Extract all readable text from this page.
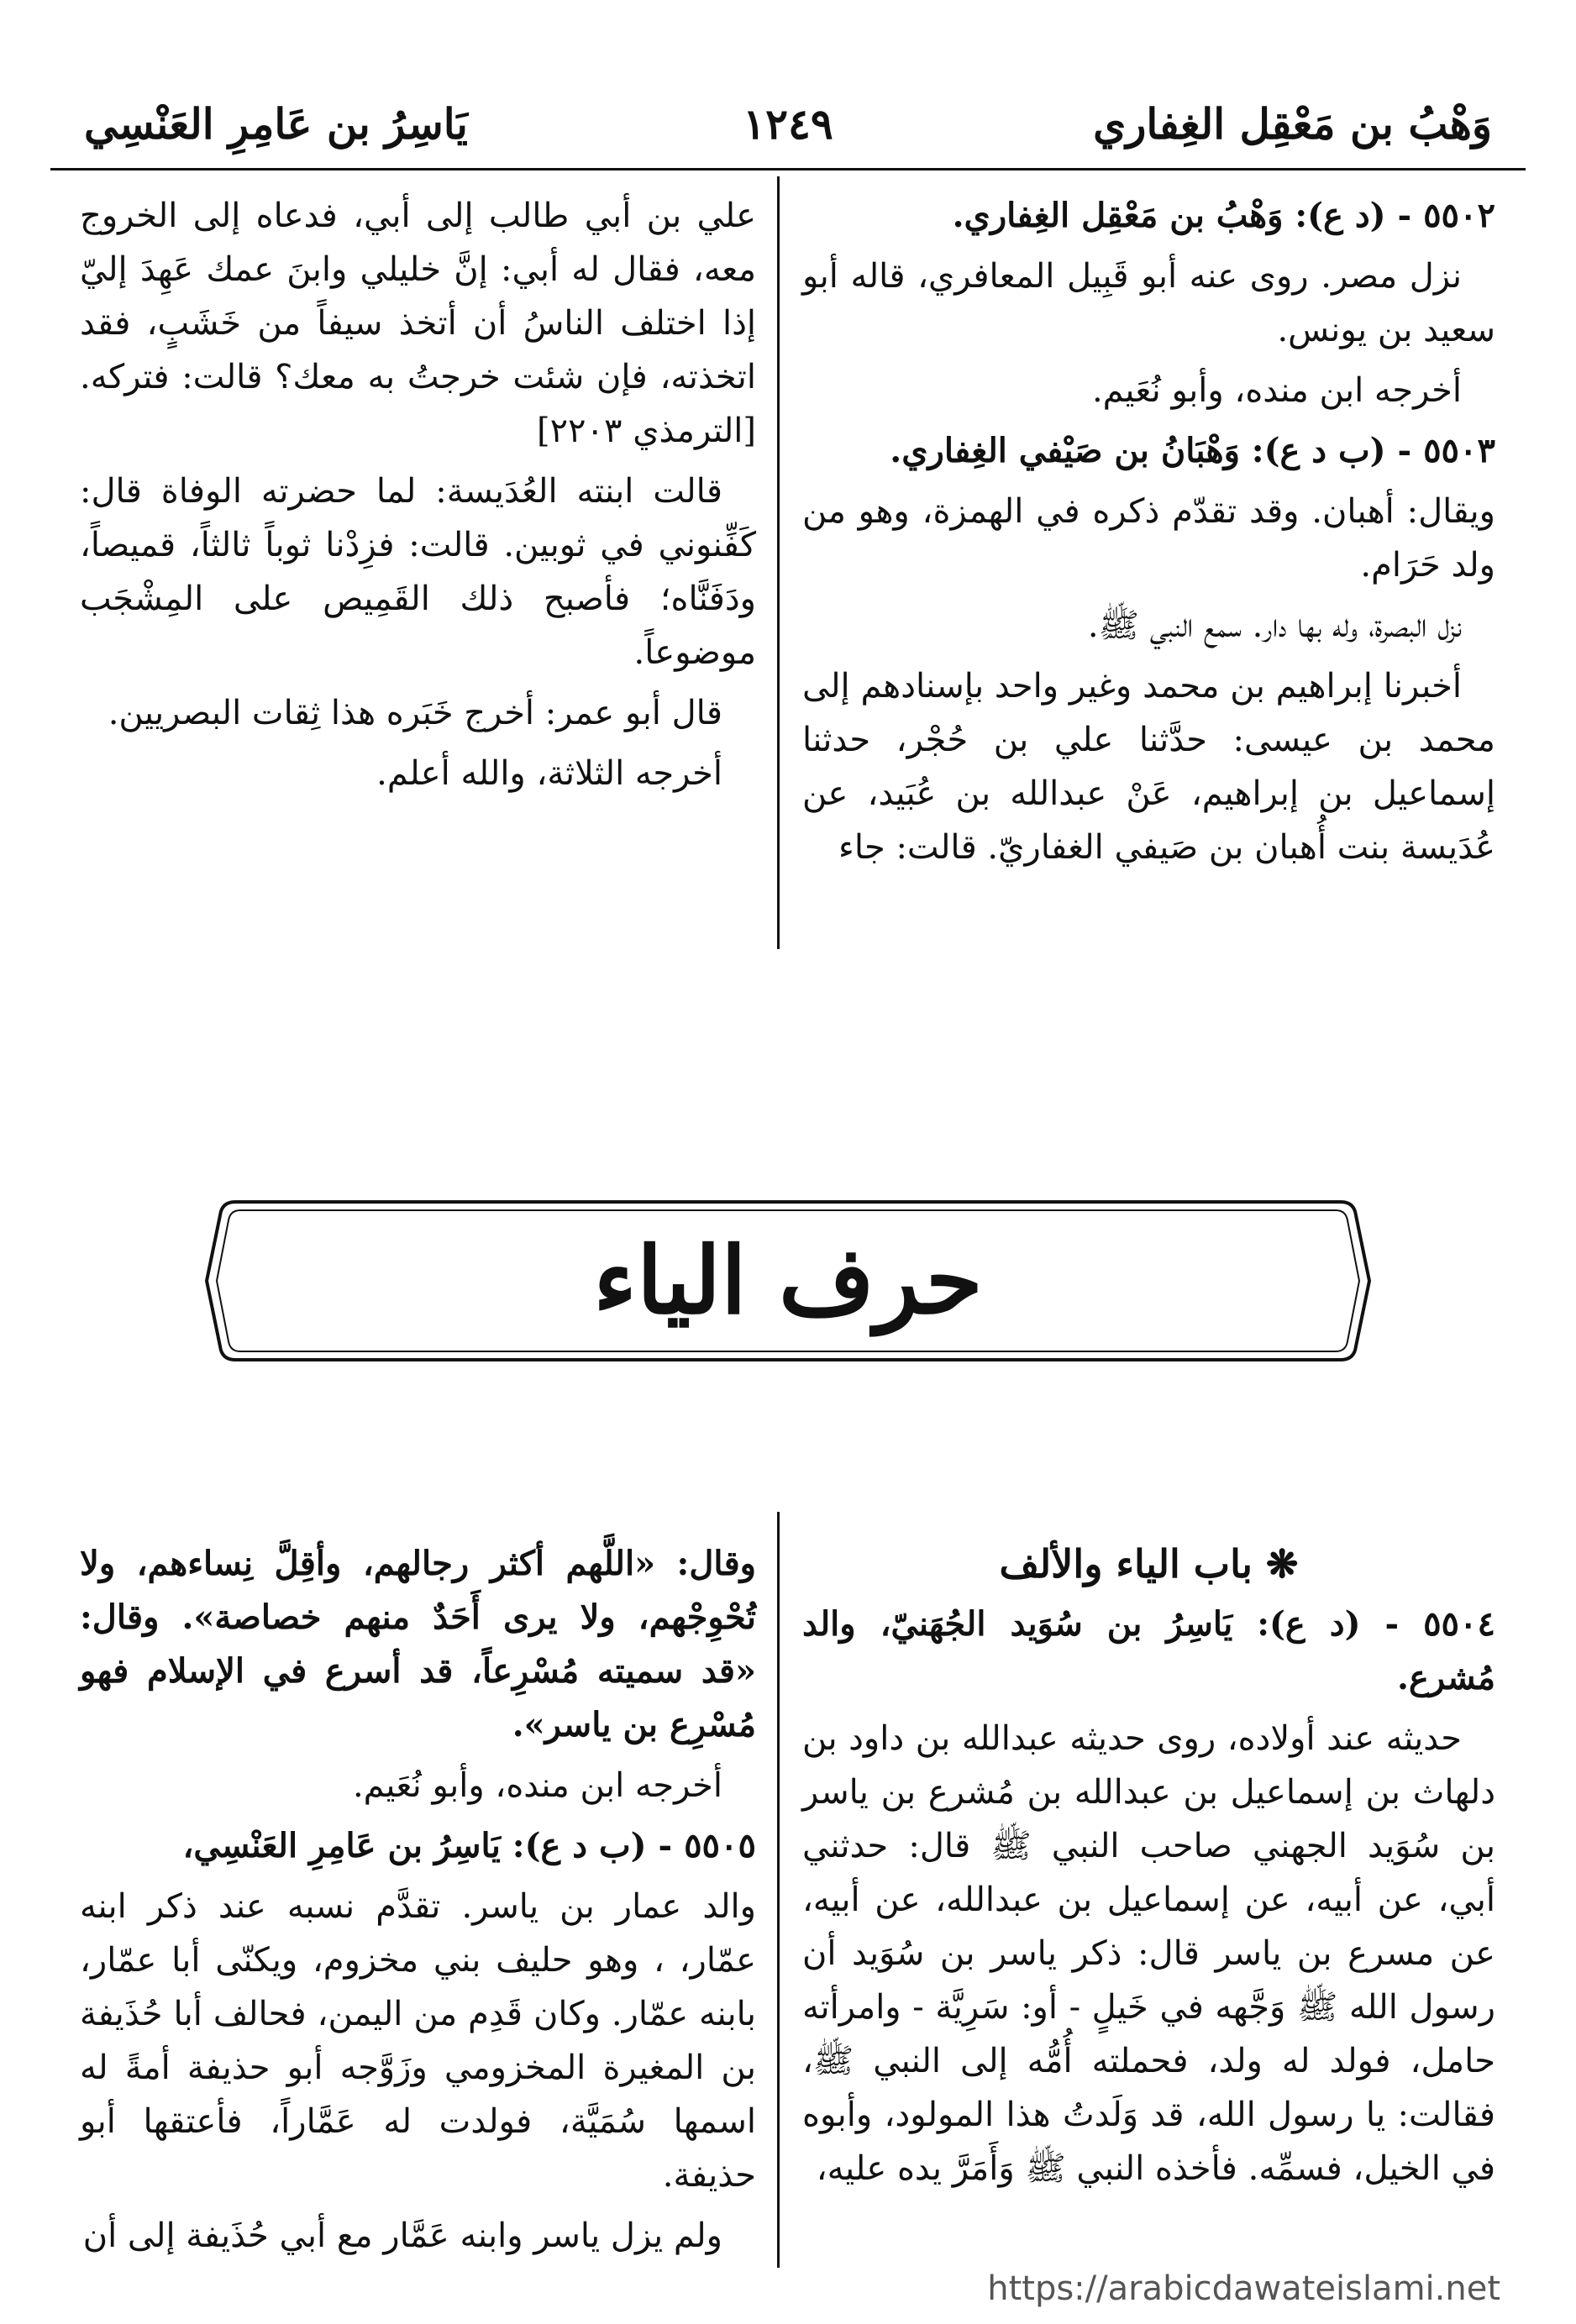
وَهْبُ بن مَعْقِل الغِفاري
١٢٤٩
يَاسِرُ بن عَامِرِ العَنْسِي

٥٥٠٢ - (د ع): وَهْبُ بن مَعْقِل الغِفاري.

نزل مصر. روى عنه أبو قَبِيل المعافري، قاله أبو سعيد بن يونس.

أخرجه ابن منده، وأبو نُعَيم.

٥٥٠٣ - (ب د ع): وَهْبَانُ بن صَيْفي الغِفاري.

ويقال: أهبان. وقد تقدّم ذكره في الهمزة، وهو من ولد حَرَام.

نزل البصرة، وله بها دار. سمع النبي ﷺ.

أخبرنا إبراهيم بن محمد وغير واحد بإسنادهم إلى محمد بن عيسى: حدَّثنا علي بن حُجْر، حدثنا إسماعيل بن إبراهيم، عَنْ عبدالله بن عُبَيد، عن عُدَيسة بنت أُهبان بن صَيفي الغفاريّ. قالت: جاء

علي بن أبي طالب إلى أبي، فدعاه إلى الخروج معه، فقال له أبي: إنَّ خليلي وابنَ عمك عَهِدَ إليّ إذا اختلف الناسُ أن أتخذ سيفاً من خَشَبٍ، فقد اتخذته، فإن شئت خرجتُ به معك؟ قالت: فتركه. [الترمذي ٢٢٠٣]

قالت ابنته العُدَيسة: لما حضرته الوفاة قال: كَفِّنوني في ثوبين. قالت: فزِدْنا ثوباً ثالثاً، قميصاً، ودَفَنَّاه؛ فأصبح ذلك القَمِيص على المِشْجَب موضوعاً.

قال أبو عمر: أخرج خَبَره هذا ثِقات البصريين.

أخرجه الثلاثة، والله أعلم.

حرف الياء
❋ باب الياء والألف

٥٥٠٤ - (د ع): يَاسِرُ بن سُوَيد الجُهَنيّ، والد مُشرع.

حديثه عند أولاده، روى حديثه عبدالله بن داود بن دلهاث بن إسماعيل بن عبدالله بن مُشرع بن ياسر بن سُوَيد الجهني صاحب النبي ﷺ قال: حدثني أبي، عن أبيه، عن إسماعيل بن عبدالله، عن أبيه، عن مسرع بن ياسر قال: ذكر ياسر بن سُوَيد أن رسول الله ﷺ وَجَّهه في خَيلٍ - أو: سَرِيَّة - وامرأته حامل، فولد له ولد، فحملته أُمُّه إلى النبي ﷺ، فقالت: يا رسول الله، قد وَلَدتُ هذا المولود، وأبوه في الخيل، فسمِّه. فأخذه النبي ﷺ وَأَمَرَّ يده عليه،

وقال: «اللَّهم أكثر رجالهم، وأقِلَّ نِساءهم، ولا تُحْوِجْهم، ولا يرى أَحَدٌ منهم خصاصة». وقال: «قد سميته مُسْرِعاً، قد أسرع في الإسلام فهو مُسْرِع بن ياسر».

أخرجه ابن منده، وأبو نُعَيم.

٥٥٠٥ - (ب د ع): يَاسِرُ بن عَامِرِ العَنْسِي،

والد عمار بن ياسر. تقدَّم نسبه عند ذكر ابنه عمّار، ، وهو حليف بني مخزوم، ويكنّى أبا عمّار، بابنه عمّار. وكان قَدِم من اليمن، فحالف أبا حُذَيفة بن المغيرة المخزومي وزَوَّجه أبو حذيفة أمةً له اسمها سُمَيَّة، فولدت له عَمَّاراً، فأعتقها أبو حذيفة.

ولم يزل ياسر وابنه عَمَّار مع أبي حُذَيفة إلى أن

https://arabicdawateislami.net
